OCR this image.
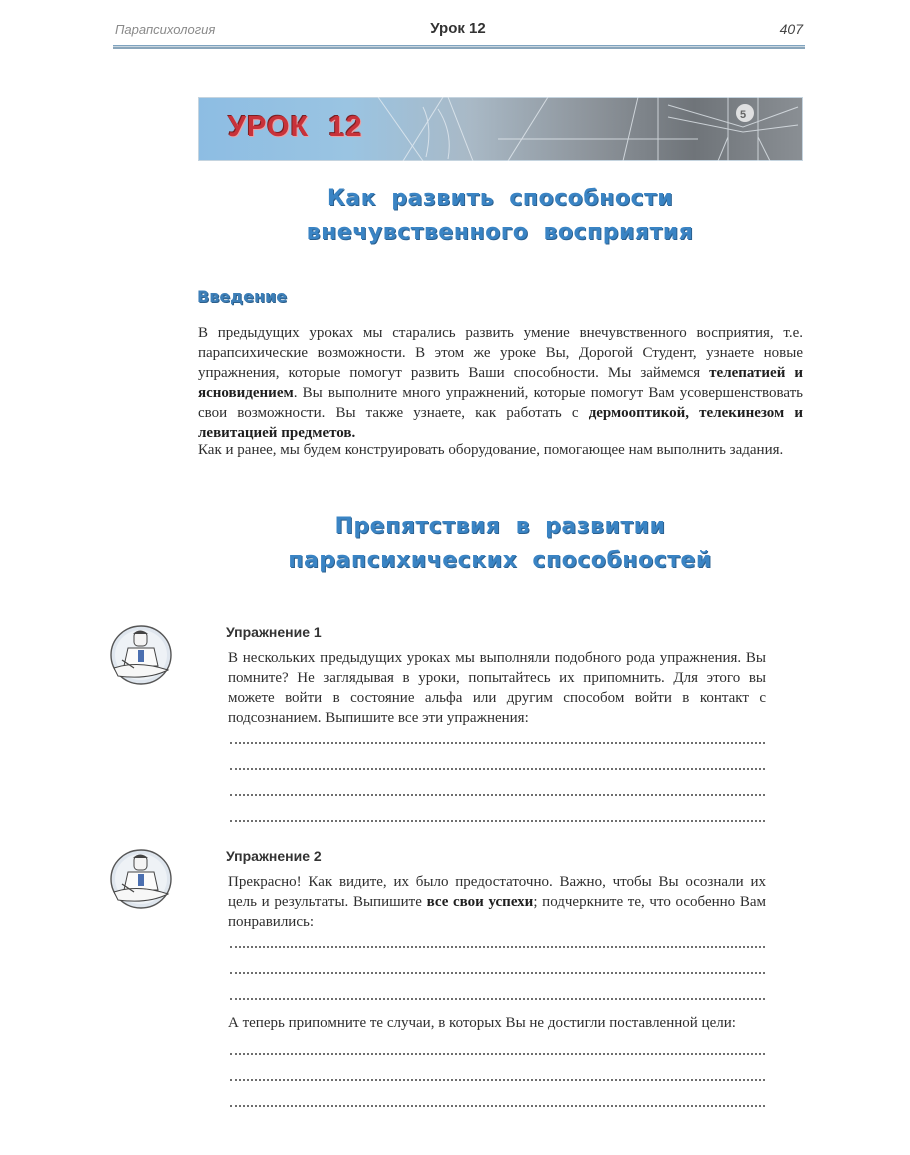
Парапсихология	Урок 12	407
5
УРОК 12
Как развить способности
внечувственного восприятия
Введение

В предыдущих уроках мы старались развить умение внечувственного восприятия, т.е. парапсихические возможности. В этом же уроке Вы, Дорогой Студент, узнаете новые упражнения, которые помогут развить Ваши способности. Мы займемся телепатией и ясновидением. Вы выполните много упражнений, которые помогут Вам усовершенствовать свои возможности. Вы также узнаете, как работать с дермооптикой, телекинезом и левитацией предметов.

Как и ранее, мы будем конструировать оборудование, помогающее нам выполнить задания.

Препятствия в развитии
парапсихических способностей
Упражнение 1

В нескольких предыдущих уроках мы выполняли подобного рода упражнения. Вы помните? Не заглядывая в уроки, попытайтесь их припомнить. Для этого вы можете войти в состояние альфа или другим способом войти в контакт с подсознанием. Выпишите все эти упражнения:

Упражнение 2

Прекрасно! Как видите, их было предостаточно. Важно, чтобы Вы осознали их цель и результаты. Выпишите все свои успехи; подчеркните те, что особенно Вам понравились:

А теперь припомните те случаи, в которых Вы не достигли поставленной цели:
